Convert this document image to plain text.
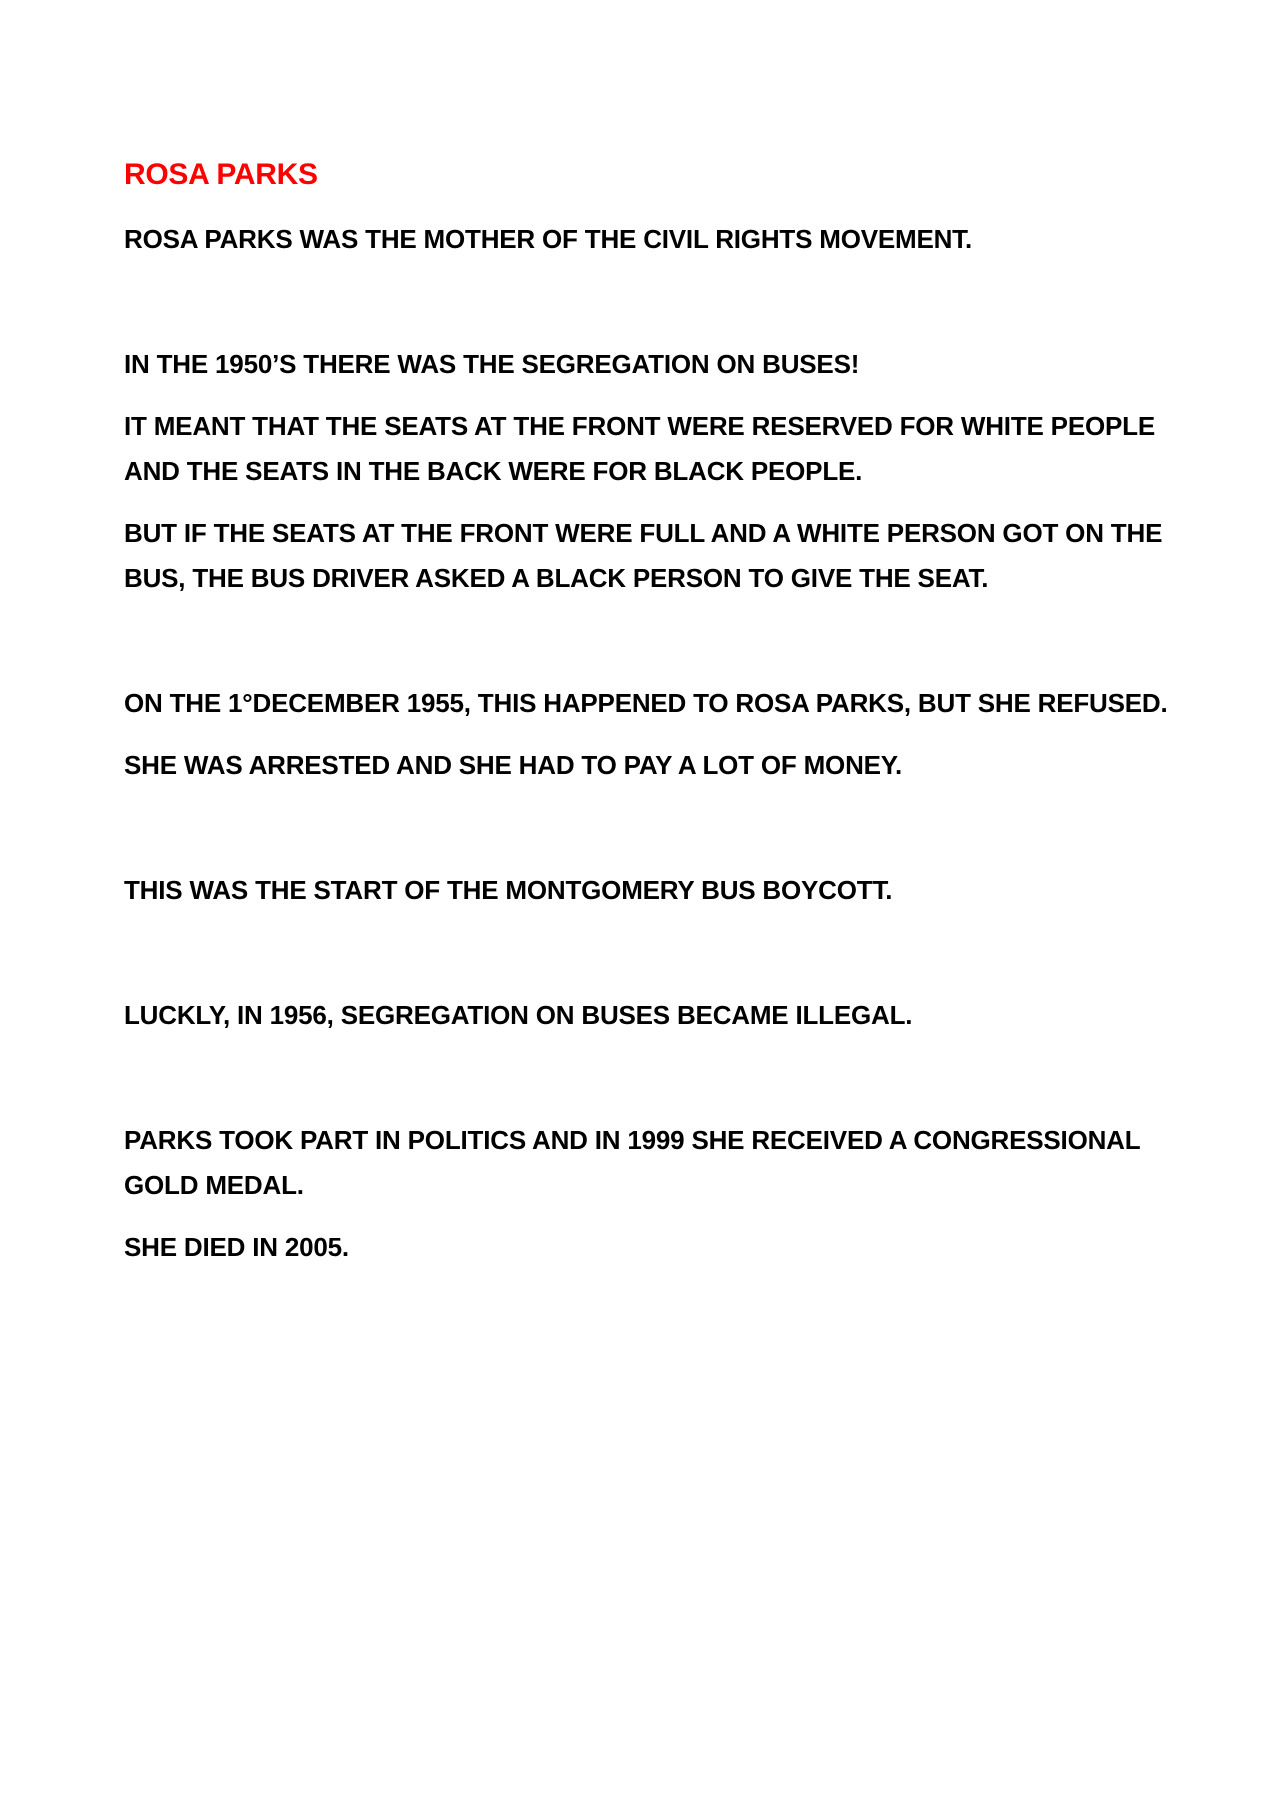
ROSA PARKS

ROSA PARKS WAS THE MOTHER OF THE CIVIL RIGHTS MOVEMENT.

IN THE 1950’S THERE WAS THE SEGREGATION ON BUSES!

IT MEANT THAT THE SEATS AT THE FRONT WERE RESERVED FOR WHITE PEOPLE AND THE SEATS IN THE BACK WERE FOR BLACK PEOPLE.

BUT IF THE SEATS AT THE FRONT WERE FULL AND A WHITE PERSON GOT ON THE BUS, THE BUS DRIVER ASKED A BLACK PERSON TO GIVE THE SEAT.

ON THE 1°DECEMBER 1955, THIS HAPPENED TO ROSA PARKS, BUT SHE REFUSED.

SHE WAS ARRESTED AND SHE HAD TO PAY A LOT OF MONEY.

THIS WAS THE START OF THE MONTGOMERY BUS BOYCOTT.

LUCKLY, IN 1956, SEGREGATION ON BUSES BECAME ILLEGAL.

PARKS TOOK PART IN POLITICS AND IN 1999 SHE RECEIVED A CONGRESSIONAL GOLD MEDAL.

SHE DIED IN 2005.
